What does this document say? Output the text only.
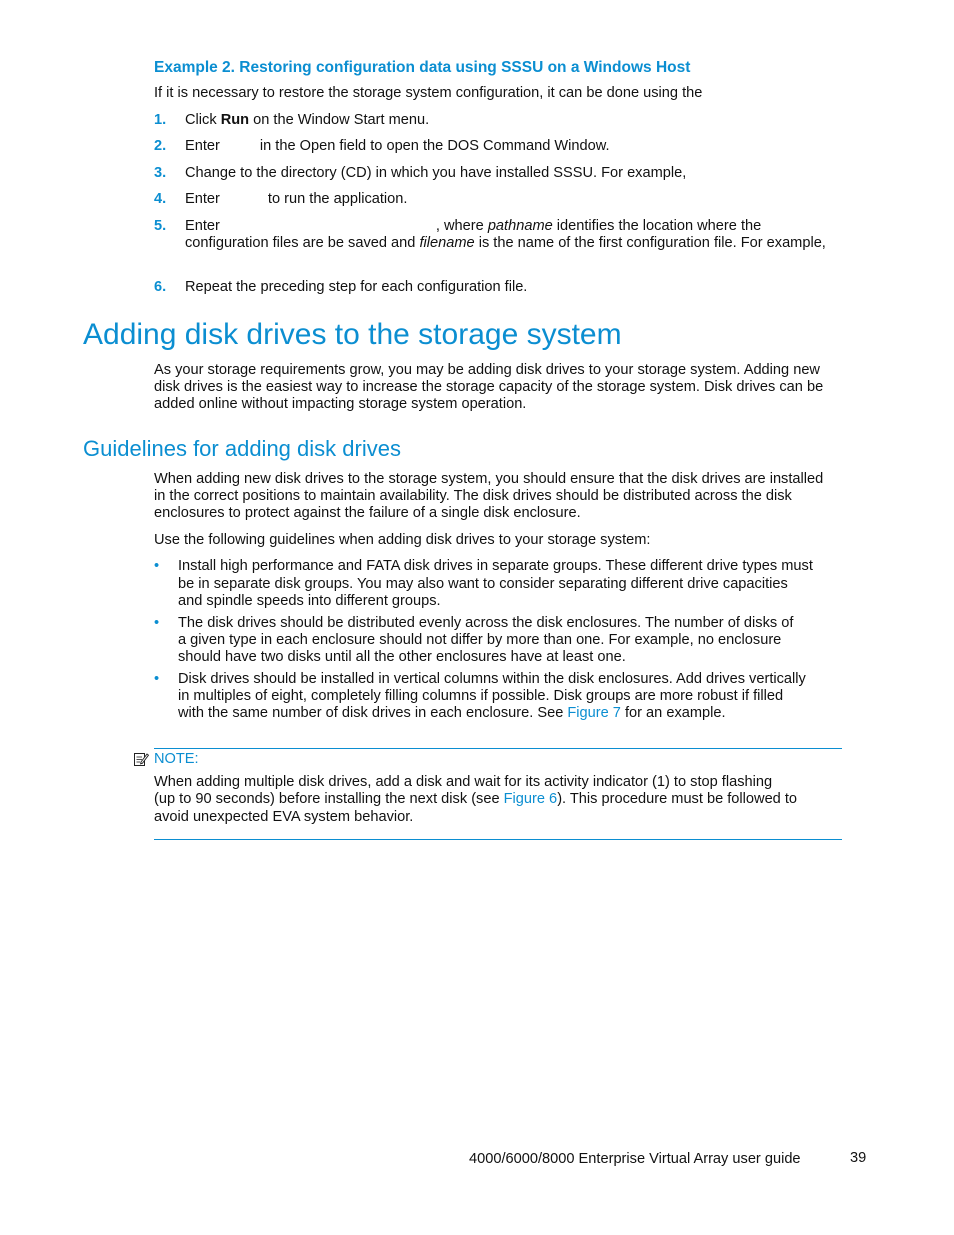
Example 2. Restoring configuration data using SSSU on a Windows Host
If it is necessary to restore the storage system configuration, it can be done using the
1. Click Run on the Window Start menu.
2. Enter	in the Open field to open the DOS Command Window.
3. Change to the directory (CD) in which you have installed SSSU. For example,
4. Enter	to run the application.
5. Enter	, where pathname identifies the location where the
configuration files are be saved and filename is the name of the first configuration file. For example,
6. Repeat the preceding step for each configuration file.
Adding disk drives to the storage system
As your storage requirements grow, you may be adding disk drives to your storage system. Adding new
disk drives is the easiest way to increase the storage capacity of the storage system. Disk drives can be
added online without impacting storage system operation.
Guidelines for adding disk drives
When adding new disk drives to the storage system, you should ensure that the disk drives are installed
in the correct positions to maintain availability. The disk drives should be distributed across the disk
enclosures to protect against the failure of a single disk enclosure.
Use the following guidelines when adding disk drives to your storage system:
• Install high performance and FATA disk drives in separate groups. These different drive types must
be in separate disk groups. You may also want to consider separating different drive capacities
and spindle speeds into different groups.
• The disk drives should be distributed evenly across the disk enclosures. The number of disks of
a given type in each enclosure should not differ by more than one. For example, no enclosure
should have two disks until all the other enclosures have at least one.
• Disk drives should be installed in vertical columns within the disk enclosures. Add drives vertically
in multiples of eight, completely filling columns if possible. Disk groups are more robust if filled
with the same number of disk drives in each enclosure. See Figure 7 for an example.
NOTE:
When adding multiple disk drives, add a disk and wait for its activity indicator (1) to stop flashing
(up to 90 seconds) before installing the next disk (see Figure 6). This procedure must be followed to
avoid unexpected EVA system behavior.
4000/6000/8000 Enterprise Virtual Array user guide	39
